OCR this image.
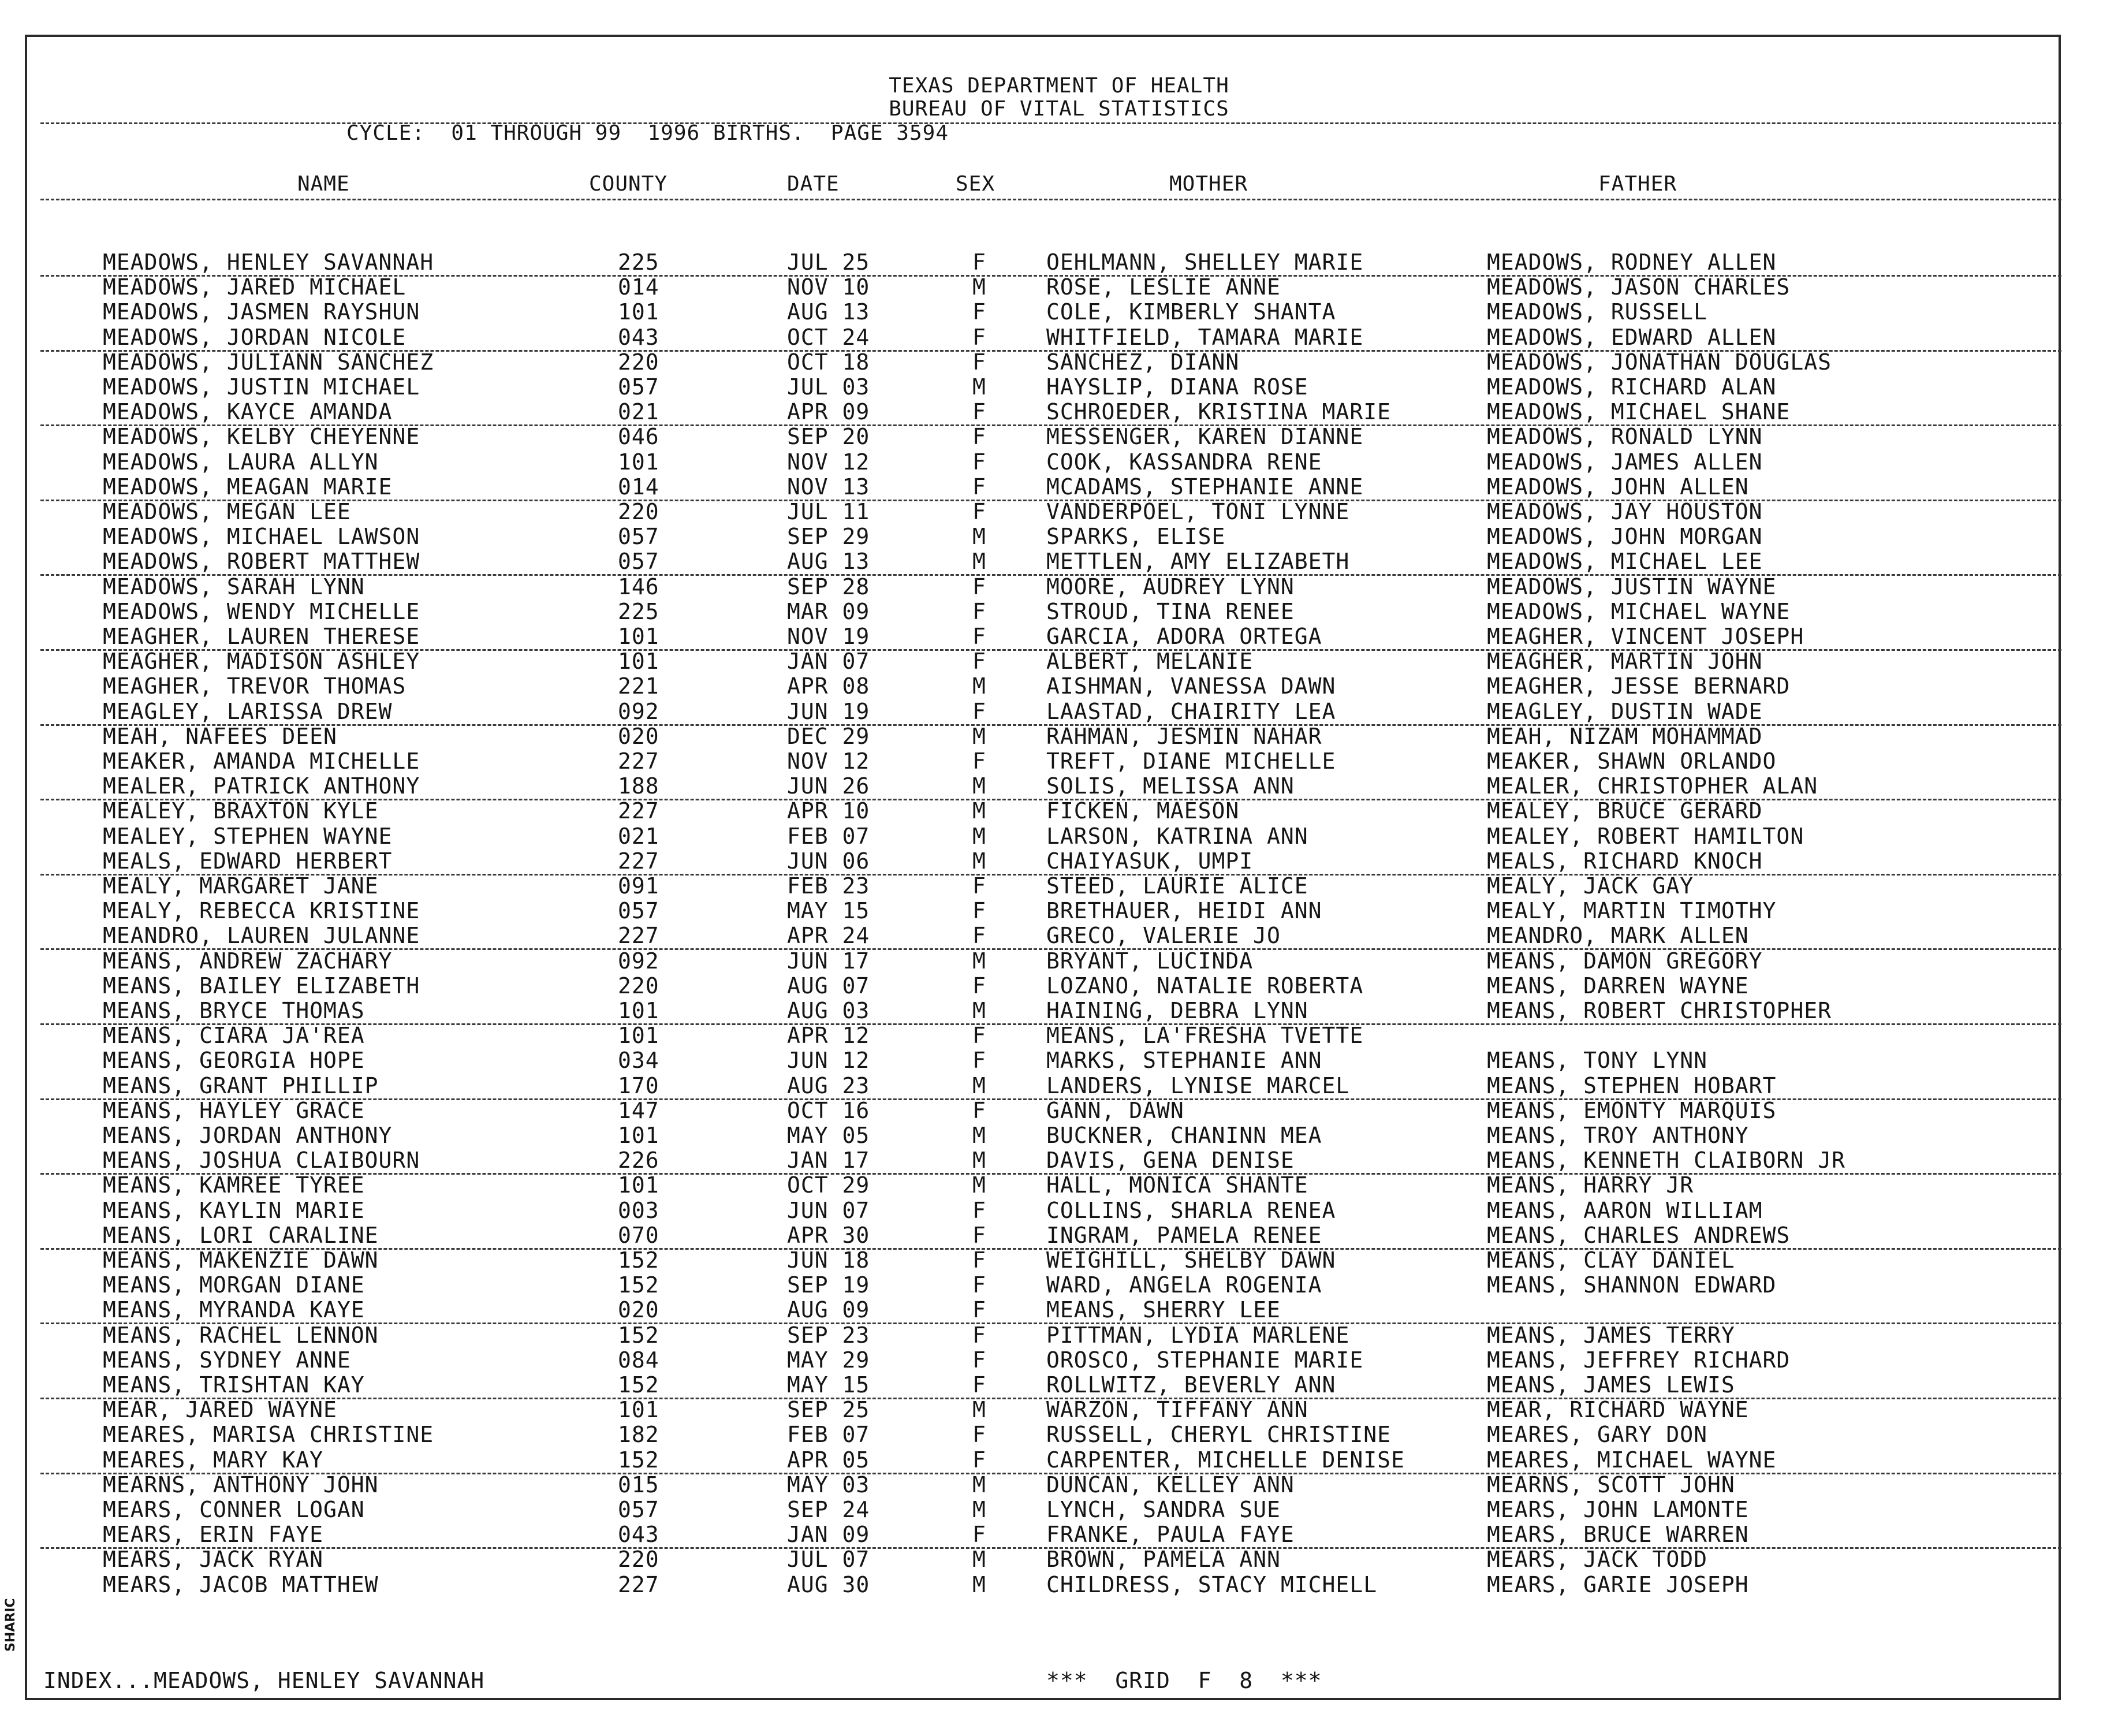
TEXAS DEPARTMENT OF HEALTH
BUREAU OF VITAL STATISTICS
CYCLE:  01 THROUGH 99  1996 BIRTHS.  PAGE 3594
NAME	COUNTY	DATE	SEX	MOTHER	FATHER
MEADOWS, HENLEY SAVANNAH	225	JUL 25	F	OEHLMANN, SHELLEY MARIE	MEADOWS, RODNEY ALLEN
MEADOWS, JARED MICHAEL	014	NOV 10	M	ROSE, LESLIE ANNE	MEADOWS, JASON CHARLES
MEADOWS, JASMEN RAYSHUN	101	AUG 13	F	COLE, KIMBERLY SHANTA	MEADOWS, RUSSELL
MEADOWS, JORDAN NICOLE	043	OCT 24	F	WHITFIELD, TAMARA MARIE	MEADOWS, EDWARD ALLEN
MEADOWS, JULIANN SANCHEZ	220	OCT 18	F	SANCHEZ, DIANN	MEADOWS, JONATHAN DOUGLAS
MEADOWS, JUSTIN MICHAEL	057	JUL 03	M	HAYSLIP, DIANA ROSE	MEADOWS, RICHARD ALAN
MEADOWS, KAYCE AMANDA	021	APR 09	F	SCHROEDER, KRISTINA MARIE	MEADOWS, MICHAEL SHANE
MEADOWS, KELBY CHEYENNE	046	SEP 20	F	MESSENGER, KAREN DIANNE	MEADOWS, RONALD LYNN
MEADOWS, LAURA ALLYN	101	NOV 12	F	COOK, KASSANDRA RENE	MEADOWS, JAMES ALLEN
MEADOWS, MEAGAN MARIE	014	NOV 13	F	MCADAMS, STEPHANIE ANNE	MEADOWS, JOHN ALLEN
MEADOWS, MEGAN LEE	220	JUL 11	F	VANDERPOEL, TONI LYNNE	MEADOWS, JAY HOUSTON
MEADOWS, MICHAEL LAWSON	057	SEP 29	M	SPARKS, ELISE	MEADOWS, JOHN MORGAN
MEADOWS, ROBERT MATTHEW	057	AUG 13	M	METTLEN, AMY ELIZABETH	MEADOWS, MICHAEL LEE
MEADOWS, SARAH LYNN	146	SEP 28	F	MOORE, AUDREY LYNN	MEADOWS, JUSTIN WAYNE
MEADOWS, WENDY MICHELLE	225	MAR 09	F	STROUD, TINA RENEE	MEADOWS, MICHAEL WAYNE
MEAGHER, LAUREN THERESE	101	NOV 19	F	GARCIA, ADORA ORTEGA	MEAGHER, VINCENT JOSEPH
MEAGHER, MADISON ASHLEY	101	JAN 07	F	ALBERT, MELANIE	MEAGHER, MARTIN JOHN
MEAGHER, TREVOR THOMAS	221	APR 08	M	AISHMAN, VANESSA DAWN	MEAGHER, JESSE BERNARD
MEAGLEY, LARISSA DREW	092	JUN 19	F	LAASTAD, CHAIRITY LEA	MEAGLEY, DUSTIN WADE
MEAH, NAFEES DEEN	020	DEC 29	M	RAHMAN, JESMIN NAHAR	MEAH, NIZAM MOHAMMAD
MEAKER, AMANDA MICHELLE	227	NOV 12	F	TREFT, DIANE MICHELLE	MEAKER, SHAWN ORLANDO
MEALER, PATRICK ANTHONY	188	JUN 26	M	SOLIS, MELISSA ANN	MEALER, CHRISTOPHER ALAN
MEALEY, BRAXTON KYLE	227	APR 10	M	FICKEN, MAESON	MEALEY, BRUCE GERARD
MEALEY, STEPHEN WAYNE	021	FEB 07	M	LARSON, KATRINA ANN	MEALEY, ROBERT HAMILTON
MEALS, EDWARD HERBERT	227	JUN 06	M	CHAIYASUK, UMPI	MEALS, RICHARD KNOCH
MEALY, MARGARET JANE	091	FEB 23	F	STEED, LAURIE ALICE	MEALY, JACK GAY
MEALY, REBECCA KRISTINE	057	MAY 15	F	BRETHAUER, HEIDI ANN	MEALY, MARTIN TIMOTHY
MEANDRO, LAUREN JULANNE	227	APR 24	F	GRECO, VALERIE JO	MEANDRO, MARK ALLEN
MEANS, ANDREW ZACHARY	092	JUN 17	M	BRYANT, LUCINDA	MEANS, DAMON GREGORY
MEANS, BAILEY ELIZABETH	220	AUG 07	F	LOZANO, NATALIE ROBERTA	MEANS, DARREN WAYNE
MEANS, BRYCE THOMAS	101	AUG 03	M	HAINING, DEBRA LYNN	MEANS, ROBERT CHRISTOPHER
MEANS, CIARA JA'REA	101	APR 12	F	MEANS, LA'FRESHA TVETTE
MEANS, GEORGIA HOPE	034	JUN 12	F	MARKS, STEPHANIE ANN	MEANS, TONY LYNN
MEANS, GRANT PHILLIP	170	AUG 23	M	LANDERS, LYNISE MARCEL	MEANS, STEPHEN HOBART
MEANS, HAYLEY GRACE	147	OCT 16	F	GANN, DAWN	MEANS, EMONTY MARQUIS
MEANS, JORDAN ANTHONY	101	MAY 05	M	BUCKNER, CHANINN MEA	MEANS, TROY ANTHONY
MEANS, JOSHUA CLAIBOURN	226	JAN 17	M	DAVIS, GENA DENISE	MEANS, KENNETH CLAIBORN JR
MEANS, KAMREE TYREE	101	OCT 29	M	HALL, MONICA SHANTE	MEANS, HARRY JR
MEANS, KAYLIN MARIE	003	JUN 07	F	COLLINS, SHARLA RENEA	MEANS, AARON WILLIAM
MEANS, LORI CARALINE	070	APR 30	F	INGRAM, PAMELA RENEE	MEANS, CHARLES ANDREWS
MEANS, MAKENZIE DAWN	152	JUN 18	F	WEIGHILL, SHELBY DAWN	MEANS, CLAY DANIEL
MEANS, MORGAN DIANE	152	SEP 19	F	WARD, ANGELA ROGENIA	MEANS, SHANNON EDWARD
MEANS, MYRANDA KAYE	020	AUG 09	F	MEANS, SHERRY LEE
MEANS, RACHEL LENNON	152	SEP 23	F	PITTMAN, LYDIA MARLENE	MEANS, JAMES TERRY
MEANS, SYDNEY ANNE	084	MAY 29	F	OROSCO, STEPHANIE MARIE	MEANS, JEFFREY RICHARD
MEANS, TRISHTAN KAY	152	MAY 15	F	ROLLWITZ, BEVERLY ANN	MEANS, JAMES LEWIS
MEAR, JARED WAYNE	101	SEP 25	M	WARZON, TIFFANY ANN	MEAR, RICHARD WAYNE
MEARES, MARISA CHRISTINE	182	FEB 07	F	RUSSELL, CHERYL CHRISTINE	MEARES, GARY DON
MEARES, MARY KAY	152	APR 05	F	CARPENTER, MICHELLE DENISE	MEARES, MICHAEL WAYNE
MEARNS, ANTHONY JOHN	015	MAY 03	M	DUNCAN, KELLEY ANN	MEARNS, SCOTT JOHN
MEARS, CONNER LOGAN	057	SEP 24	M	LYNCH, SANDRA SUE	MEARS, JOHN LAMONTE
MEARS, ERIN FAYE	043	JAN 09	F	FRANKE, PAULA FAYE	MEARS, BRUCE WARREN
MEARS, JACK RYAN	220	JUL 07	M	BROWN, PAMELA ANN	MEARS, JACK TODD
MEARS, JACOB MATTHEW	227	AUG 30	M	CHILDRESS, STACY MICHELL	MEARS, GARIE JOSEPH
INDEX...MEADOWS, HENLEY SAVANNAH	***  GRID  F  8  ***
SHARIC
